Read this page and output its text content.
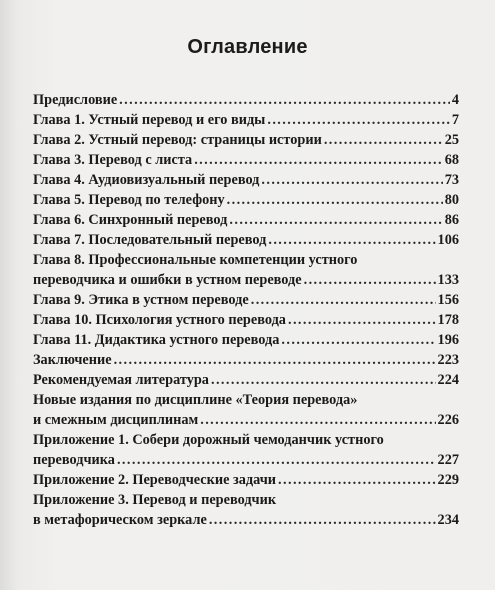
Оглавление
Предисловие .....	4
Глава 1. Устный перевод и его виды .....	7
Глава 2. Устный перевод: страницы истории .....	25
Глава 3. Перевод с листа .....	68
Глава 4. Аудиовизуальный перевод .....	73
Глава 5. Перевод по телефону .....	80
Глава 6. Синхронный перевод .....	86
Глава 7. Последовательный перевод .....	106
Глава 8. Профессиональные компетенции устного
переводчика и ошибки в устном переводе .....	133
Глава 9. Этика в устном переводе .....	156
Глава 10. Психология устного перевода .....	178
Глава 11. Дидактика устного перевода .....	196
Заключение .....	223
Рекомендуемая литература .....	224
Новые издания по дисциплине «Теория перевода»
и смежным дисциплинам .....	226
Приложение 1. Собери дорожный чемоданчик устного
переводчика .....	227
Приложение 2. Переводческие задачи .....	229
Приложение 3. Перевод и переводчик
в метафорическом зеркале .....	234
